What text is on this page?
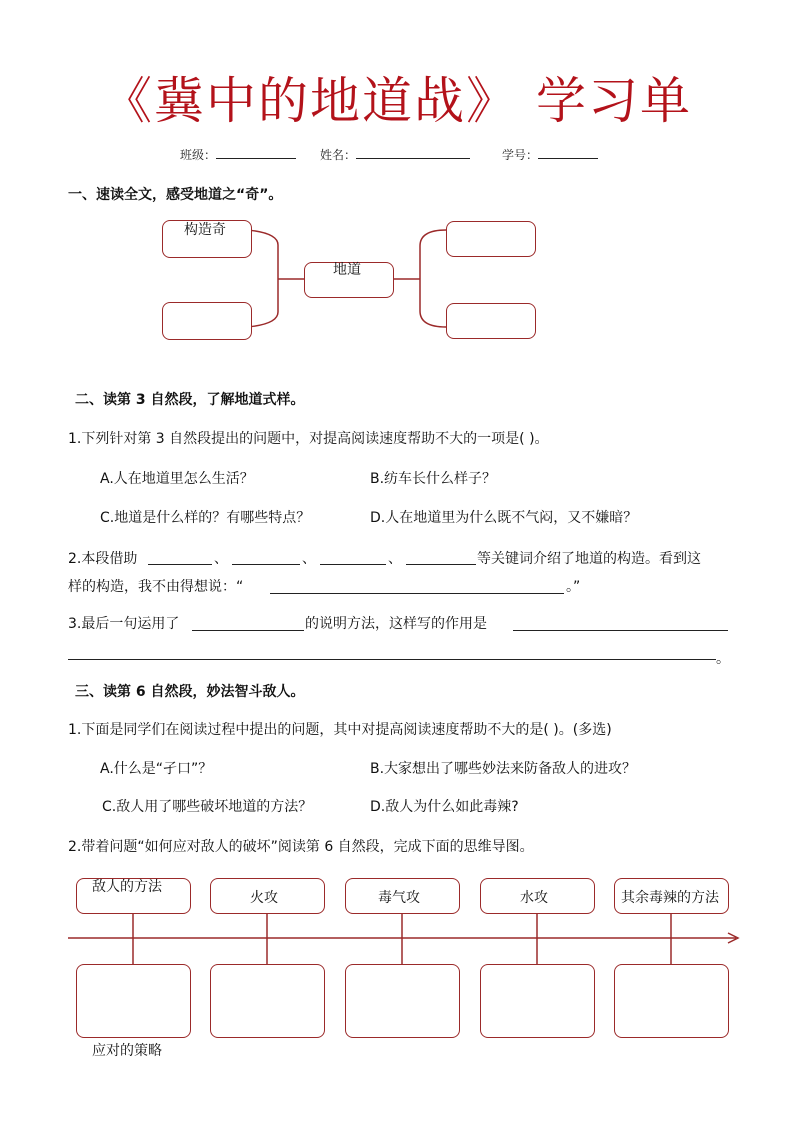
《冀中的地道战》 学习单
班级：	姓名：	学号：
一、速读全文，感受地道之“奇”。
构造奇
地道
二、读第 3 自然段，了解地道式样。
1.下列针对第 3 自然段提出的问题中，对提高阅读速度帮助不大的一项是( )。
A.人在地道里怎么生活？	B.纺车长什么样子？
C.地道是什么样的？有哪些特点？	D.人在地道里为什么既不气闷，又不嫌暗？
2.本段借助	、	、	、	等关键词介绍了地道的构造。看到这
样的构造，我不由得想说：“	。”
3.最后一句运用了	的说明方法，这样写的作用是
。
三、读第 6 自然段，妙法智斗敌人。
1.下面是同学们在阅读过程中提出的问题，其中对提高阅读速度帮助不大的是( )。(多选)
A.什么是“孑口”？	B.大家想出了哪些妙法来防备敌人的进攻？
C.敌人用了哪些破坏地道的方法？	D.敌人为什么如此毒辣?
2.带着问题“如何应对敌人的破坏”阅读第 6 自然段，完成下面的思维导图。
敌人的方法
火攻	毒气攻	水攻	其余毒辣的方法
应对的策略
